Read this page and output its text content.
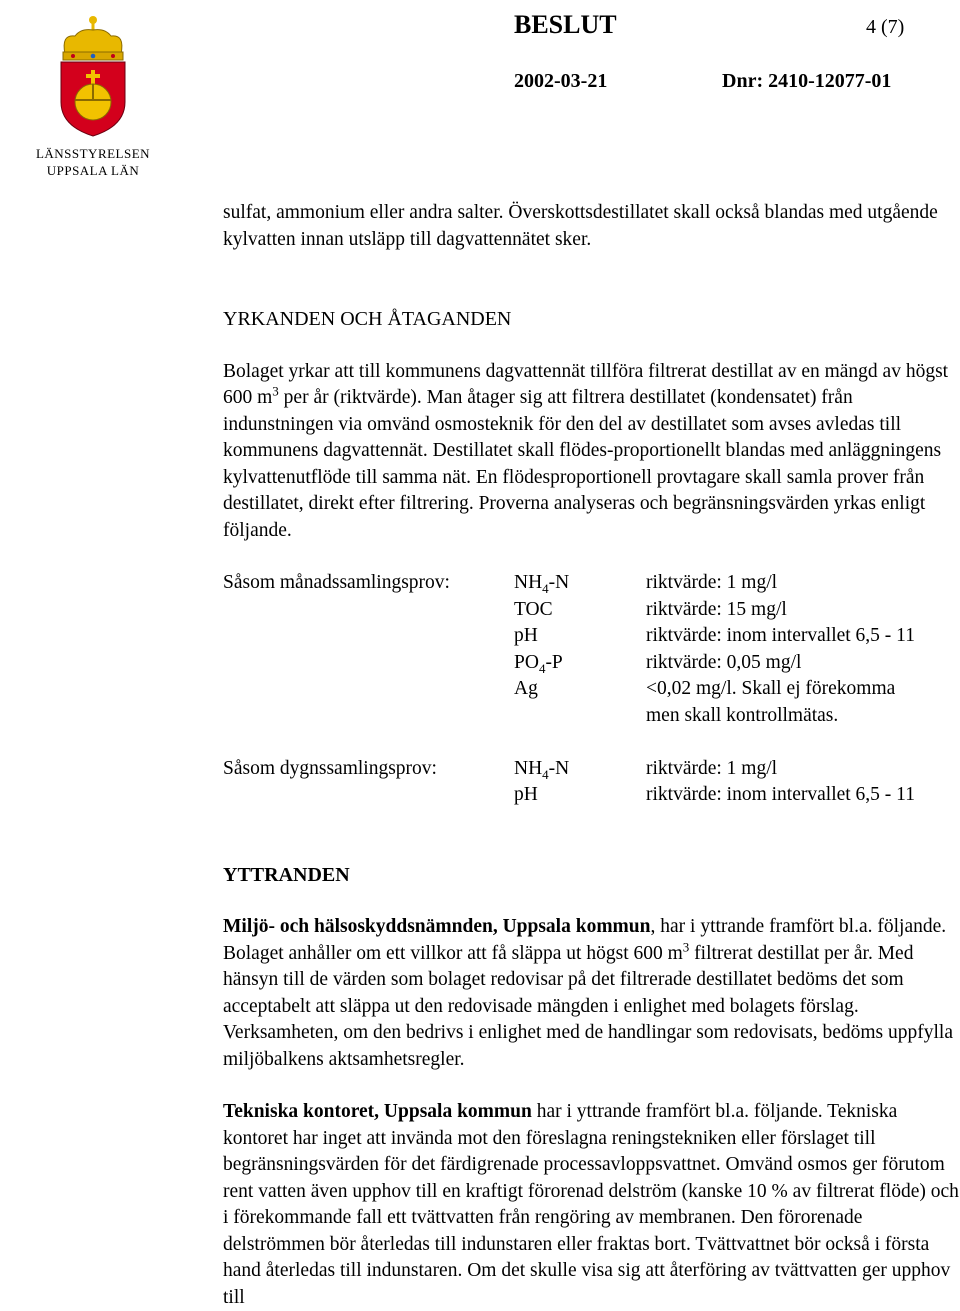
LÄNSSTYRELSEN
UPPSALA LÄN
BESLUT	4 (7)
2002-03-21	Dnr: 2410-12077-01

sulfat, ammonium eller andra salter. Överskottsdestillatet skall också blandas med utgående kylvatten innan utsläpp till dagvattennätet sker.

YRKANDEN OCH ÅTAGANDEN

Bolaget yrkar att till kommunens dagvattennät tillföra filtrerat destillat av en mängd av högst 600 $m^3$ per år (riktvärde). Man åtager sig att filtrera destillatet (kondensatet) från indunstningen via omvänd osmosteknik för den del av destillatet som avses avledas till kommunens dagvattennät. Destillatet skall flödes-proportionellt blandas med anläggningens kylvattenutflöde till samma nät. En flödesproportionell provtagare skall samla prover från destillatet, direkt efter filtrering. Proverna analyseras och begränsningsvärden yrkas enligt följande.

Såsom månadssamlingsprov:	$NH_4-N$	riktvärde: 1 mg/l
TOC	riktvärde: 15 mg/l
pH	riktvärde: inom intervallet 6,5 - 11
$PO_4-P$	riktvärde: 0,05 mg/l
Ag	<0,02 mg/l. Skall ej förekomma
men skall kontrollmätas.
Såsom dygnssamlingsprov:	$NH_4-N$	riktvärde: 1 mg/l
pH	riktvärde: inom intervallet 6,5 - 11

YTTRANDEN

Miljö- och hälsoskyddsnämnden, Uppsala kommun, har i yttrande framfört bl.a. följande. Bolaget anhåller om ett villkor att få släppa ut högst 600 $m^3$ filtrerat destillat per år. Med hänsyn till de värden som bolaget redovisar på det filtrerade destillatet bedöms det som acceptabelt att släppa ut den redovisade mängden i enlighet med bolagets förslag. Verksamheten, om den bedrivs i enlighet med de handlingar som redovisats, bedöms uppfylla miljöbalkens aktsamhetsregler.

Tekniska kontoret, Uppsala kommun har i yttrande framfört bl.a. följande. Tekniska kontoret har inget att invända mot den föreslagna reningstekniken eller förslaget till begränsningsvärden för det färdigrenade processavloppsvattnet. Omvänd osmos ger förutom rent vatten även upphov till en kraftigt förorenad delström (kanske 10 % av filtrerat flöde) och i förekommande fall ett tvättvatten från rengöring av membranen. Den förorenade delströmmen bör återledas till indunstaren eller fraktas bort. Tvättvattnet bör också i första hand återledas till indunstaren. Om det skulle visa sig att återföring av tvättvatten ger upphov till
